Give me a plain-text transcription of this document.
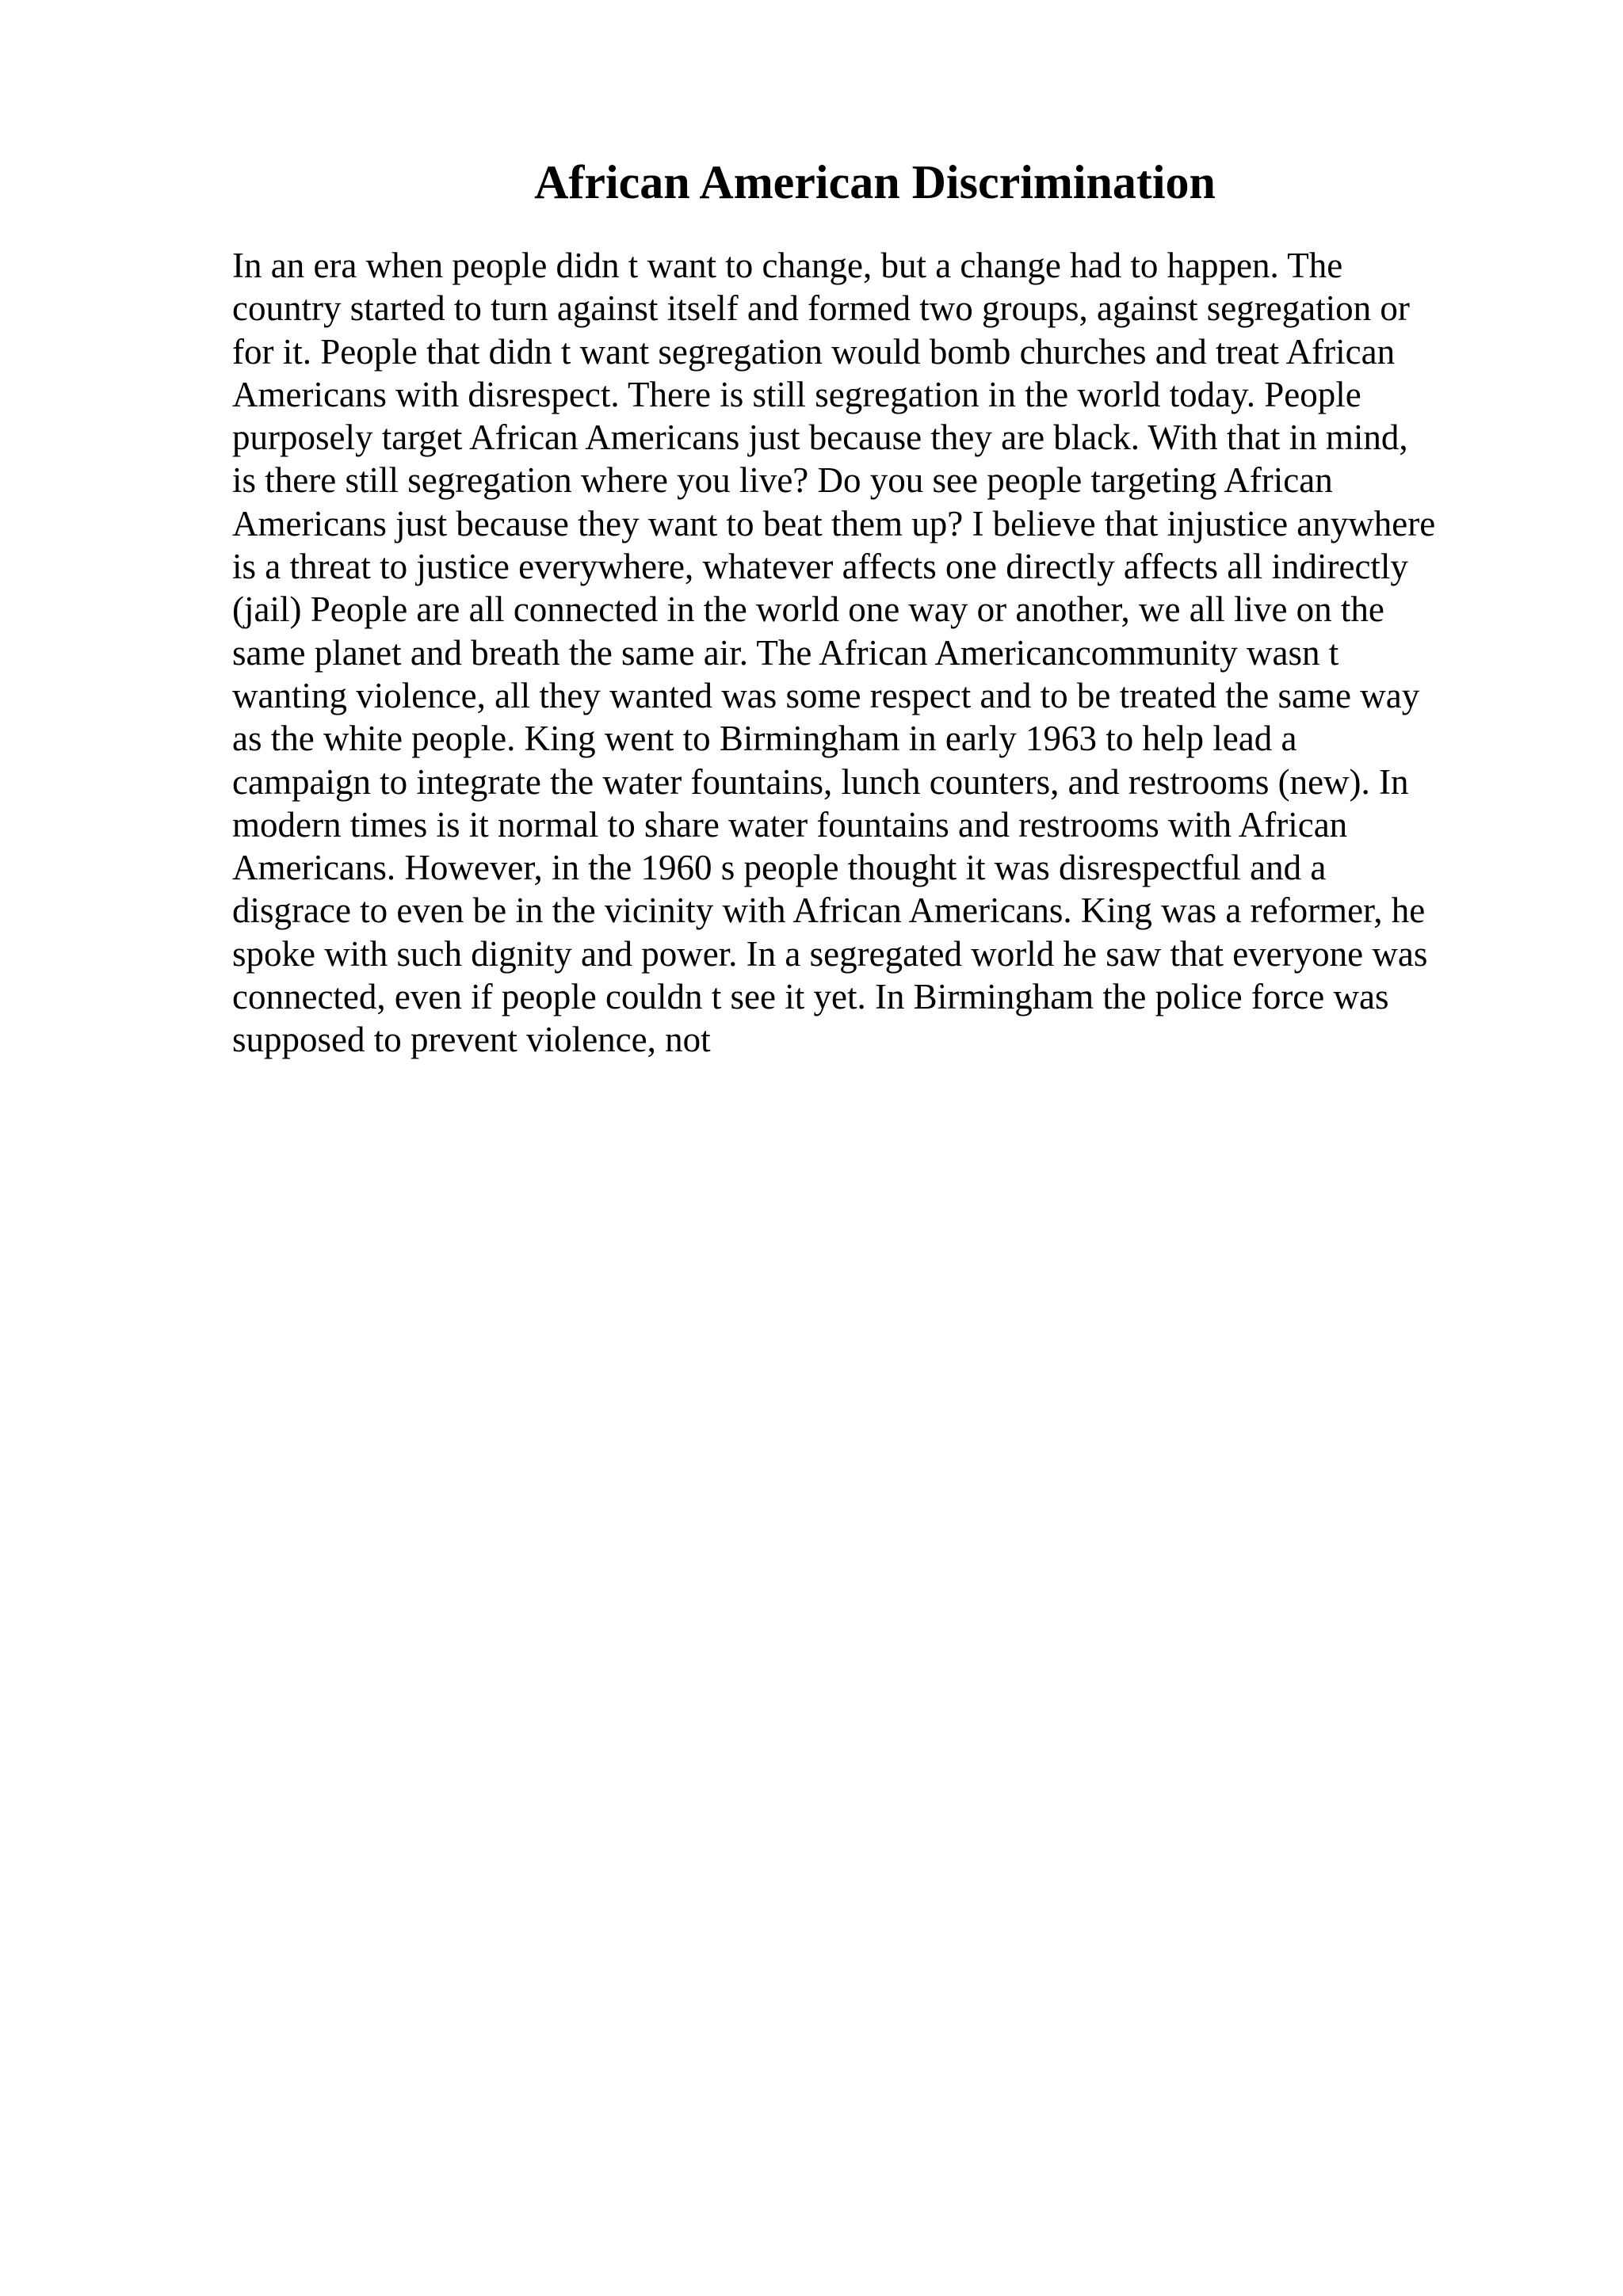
African American Discrimination
In an era when people didn t want to change, but a change had to happen. The
country started to turn against itself and formed two groups, against segregation or
for it. People that didn t want segregation would bomb churches and treat African
Americans with disrespect. There is still segregation in the world today. People
purposely target African Americans just because they are black. With that in mind,
is there still segregation where you live? Do you see people targeting African
Americans just because they want to beat them up? I believe that injustice anywhere
is a threat to justice everywhere, whatever affects one directly affects all indirectly
(jail) People are all connected in the world one way or another, we all live on the
same planet and breath the same air. The African Americancommunity wasn t
wanting violence, all they wanted was some respect and to be treated the same way
as the white people. King went to Birmingham in early 1963 to help lead a
campaign to integrate the water fountains, lunch counters, and restrooms (new). In
modern times is it normal to share water fountains and restrooms with African
Americans. However, in the 1960 s people thought it was disrespectful and a
disgrace to even be in the vicinity with African Americans. King was a reformer, he
spoke with such dignity and power. In a segregated world he saw that everyone was
connected, even if people couldn t see it yet. In Birmingham the police force was
supposed to prevent violence, not
